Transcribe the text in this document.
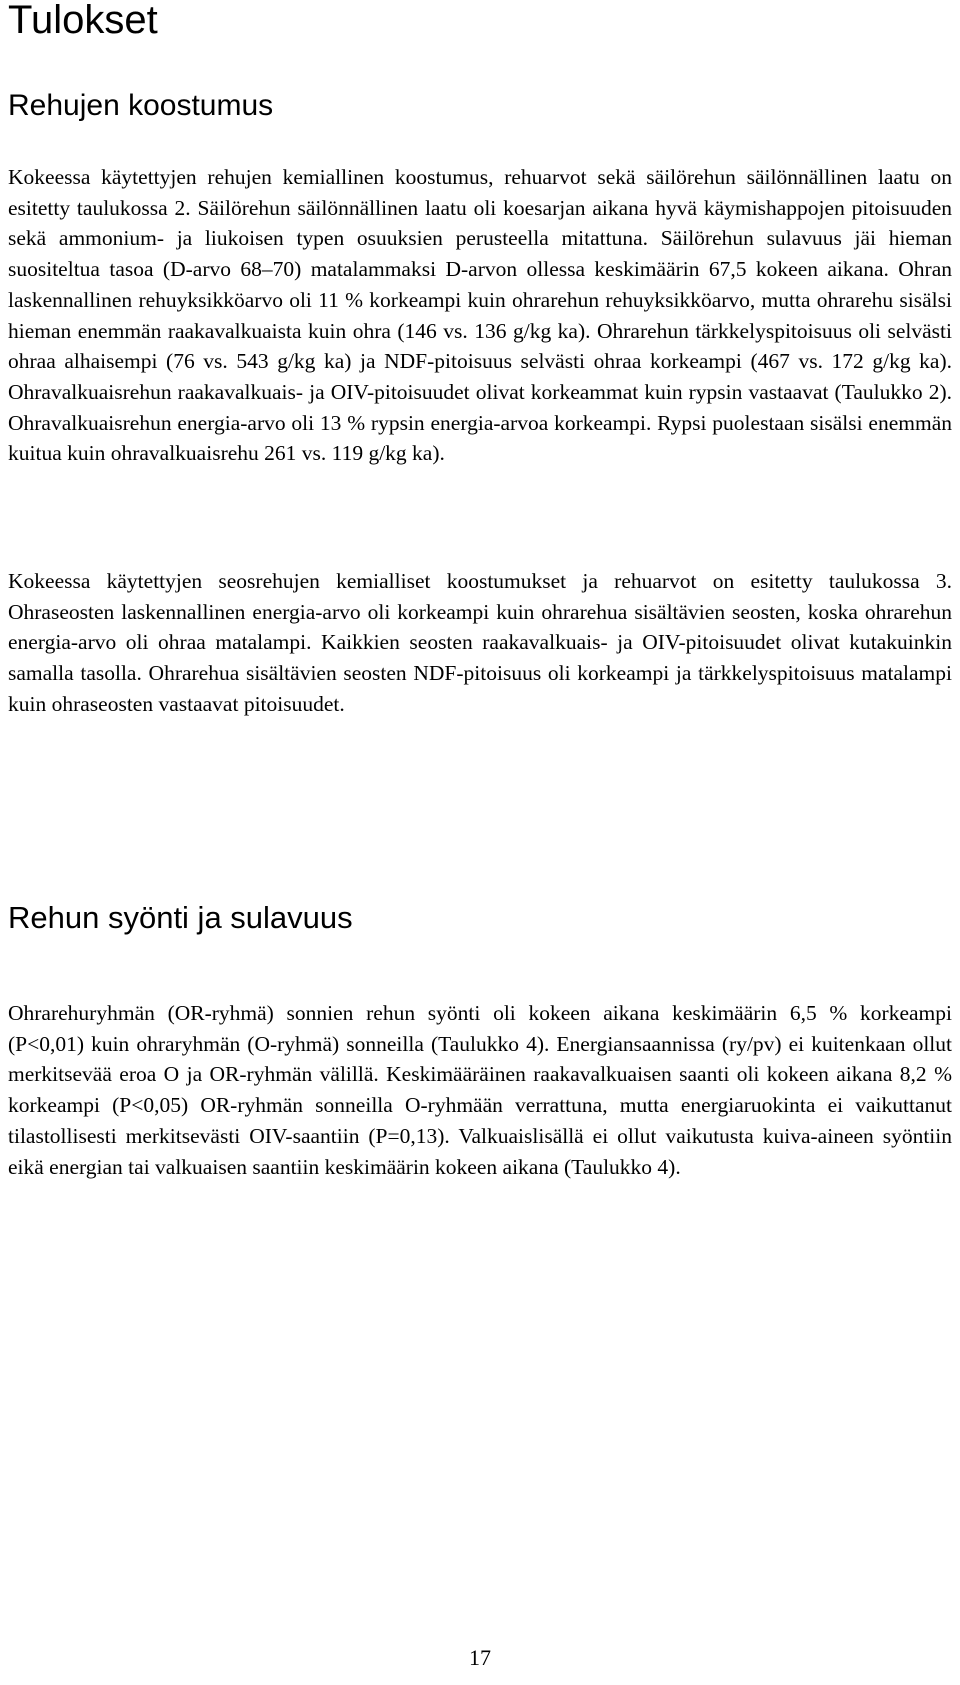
Tulokset
Rehujen koostumus

Kokeessa käytettyjen rehujen kemiallinen koostumus, rehuarvot sekä säilörehun säilönnällinen laatu on esitetty taulukossa 2. Säilörehun säilönnällinen laatu oli koesarjan aikana hyvä käymishappojen pitoisuuden sekä ammonium- ja liukoisen typen osuuksien perusteella mitattuna. Säilörehun sulavuus jäi hieman suositeltua tasoa (D-arvo 68–70) matalammaksi D-arvon ollessa keskimäärin 67,5 kokeen aikana. Ohran laskennallinen rehuyksikköarvo oli 11 % korkeampi kuin ohrarehun rehuyksikköarvo, mutta ohrarehu sisälsi hieman enemmän raakavalkuaista kuin ohra (146 vs. 136 g/kg ka). Ohrarehun tärkkelyspitoisuus oli selvästi ohraa alhaisempi (76 vs. 543 g/kg ka) ja NDF-pitoisuus selvästi ohraa korkeampi (467 vs. 172 g/kg ka). Ohravalkuaisrehun raakavalkuais- ja OIV-pitoisuudet olivat korkeammat kuin rypsin vastaavat (Taulukko 2). Ohravalkuaisrehun energia-arvo oli 13 % rypsin energia-arvoa korkeampi. Rypsi puolestaan sisälsi enemmän kuitua kuin ohravalkuaisrehu 261 vs. 119 g/kg ka).

Kokeessa käytettyjen seosrehujen kemialliset koostumukset ja rehuarvot on esitetty taulukossa 3. Ohraseosten laskennallinen energia-arvo oli korkeampi kuin ohrarehua sisältävien seosten, koska ohrarehun energia-arvo oli ohraa matalampi. Kaikkien seosten raakavalkuais- ja OIV-pitoisuudet olivat kutakuinkin samalla tasolla. Ohrarehua sisältävien seosten NDF-pitoisuus oli korkeampi ja tärkkelyspitoisuus matalampi kuin ohraseosten vastaavat pitoisuudet.

Rehun syönti ja sulavuus

Ohrarehuryhmän (OR-ryhmä) sonnien rehun syönti oli kokeen aikana keskimäärin 6,5 % korkeampi (P<0,01) kuin ohraryhmän (O-ryhmä) sonneilla (Taulukko 4). Energiansaannissa (ry/pv) ei kuitenkaan ollut merkitsevää eroa O ja OR-ryhmän välillä. Keskimääräinen raakavalkuaisen saanti oli kokeen aikana 8,2 % korkeampi (P<0,05) OR-ryhmän sonneilla O-ryhmään verrattuna, mutta energiaruokinta ei vaikuttanut tilastollisesti merkitsevästi OIV-saantiin (P=0,13). Valkuaislisällä ei ollut vaikutusta kuiva-aineen syöntiin eikä energian tai valkuaisen saantiin keskimäärin kokeen aikana (Taulukko 4).

17
